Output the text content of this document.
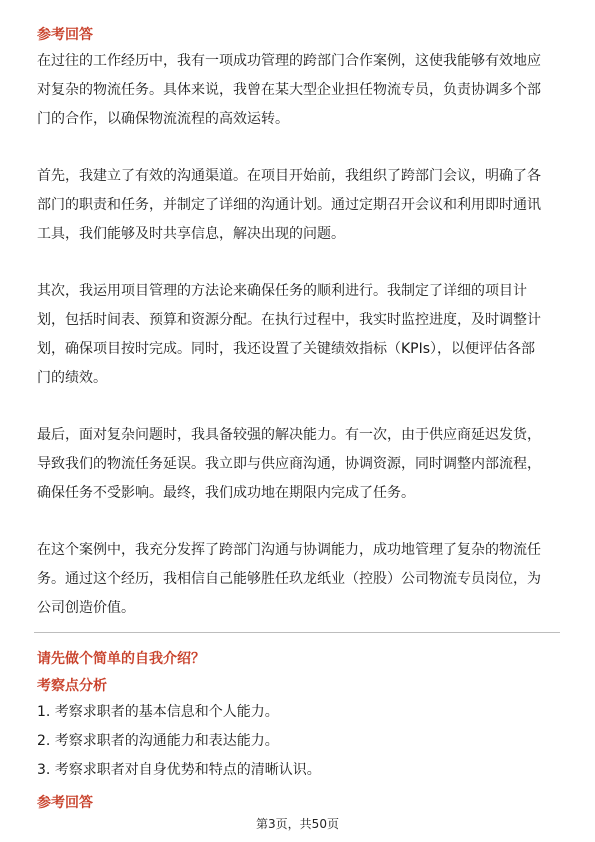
参考回答
在过往的工作经历中，我有一项成功管理的跨部门合作案例，这使我能够有效地应
对复杂的物流任务。具体来说，我曾在某大型企业担任物流专员，负责协调多个部
门的合作，以确保物流流程的高效运转。
首先，我建立了有效的沟通渠道。在项目开始前，我组织了跨部门会议，明确了各
部门的职责和任务，并制定了详细的沟通计划。通过定期召开会议和利用即时通讯
工具，我们能够及时共享信息，解决出现的问题。
其次，我运用项目管理的方法论来确保任务的顺利进行。我制定了详细的项目计
划，包括时间表、预算和资源分配。在执行过程中，我实时监控进度，及时调整计
划，确保项目按时完成。同时，我还设置了关键绩效指标（KPIs），以便评估各部
门的绩效。
最后，面对复杂问题时，我具备较强的解决能力。有一次，由于供应商延迟发货，
导致我们的物流任务延误。我立即与供应商沟通，协调资源，同时调整内部流程，
确保任务不受影响。最终，我们成功地在期限内完成了任务。
在这个案例中，我充分发挥了跨部门沟通与协调能力，成功地管理了复杂的物流任
务。通过这个经历，我相信自己能够胜任玖龙纸业（控股）公司物流专员岗位，为
公司创造价值。
请先做个简单的自我介绍？
考察点分析
1. 考察求职者的基本信息和个人能力。
2. 考察求职者的沟通能力和表达能力。
3. 考察求职者对自身优势和特点的清晰认识。
参考回答
第3页，共50页
